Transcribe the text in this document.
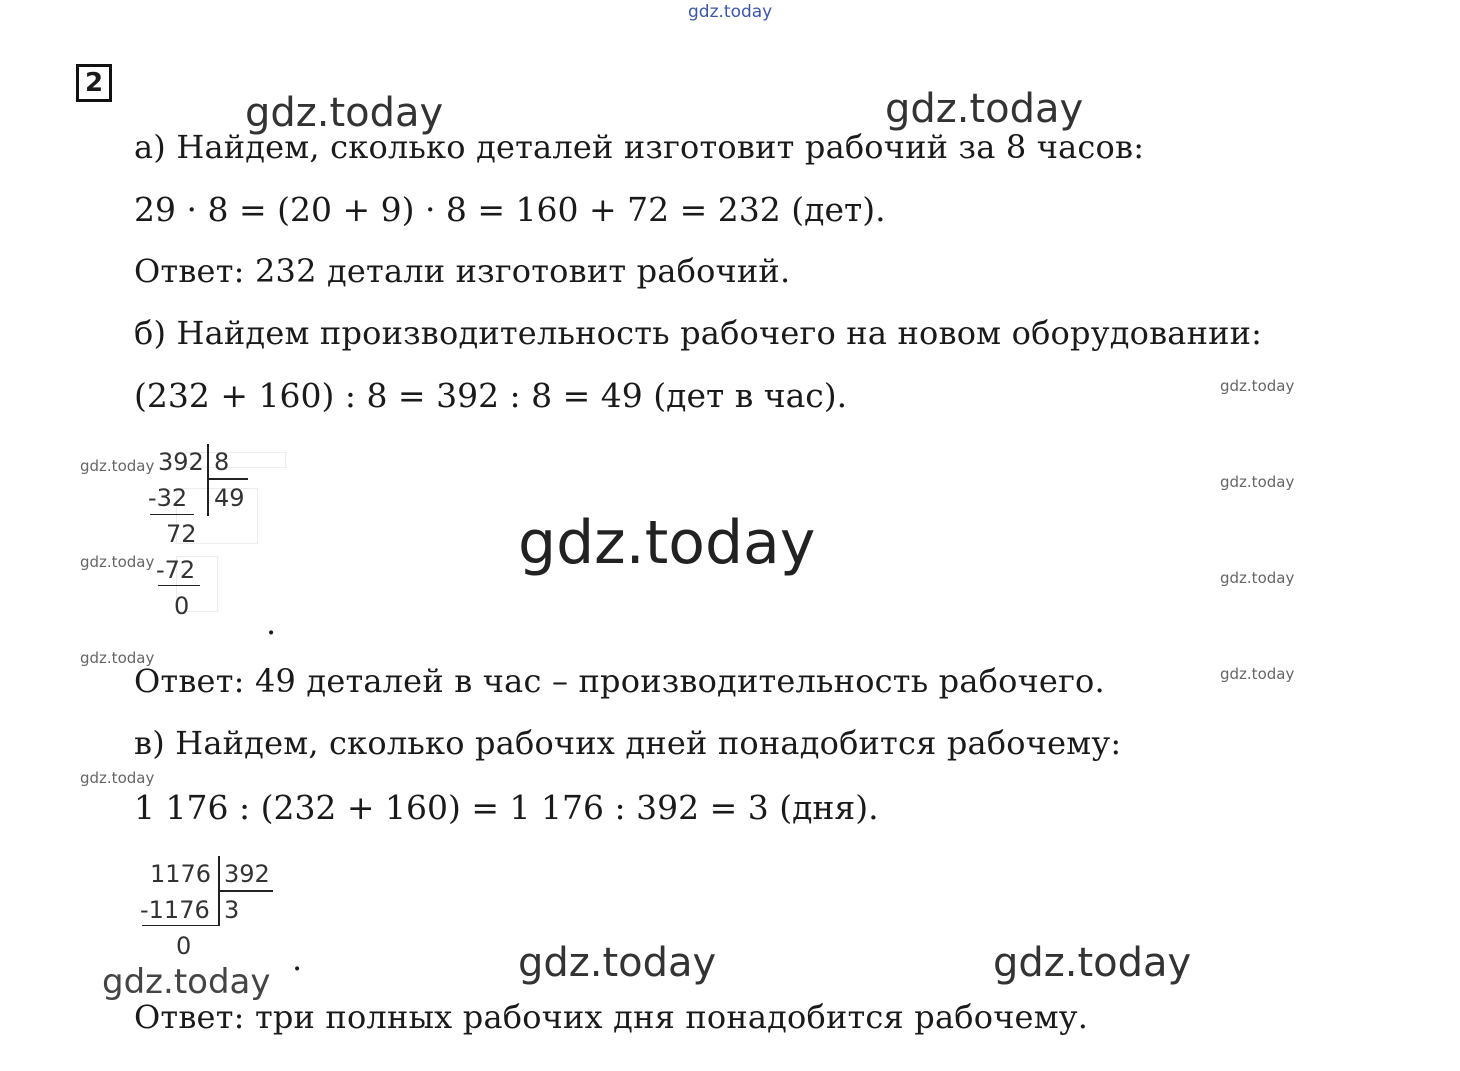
gdz.today
gdz.today	gdz.today
gdz.today
gdz.today
gdz.today
gdz.today
gdz.today
gdz.today
gdz.today
gdz.today
gdz.today
gdz.today	gdz.today
gdz.today
2
а) Найдем, сколько деталей изготовит рабочий за 8 часов:
29 · 8 = (20 + 9) · 8 = 160 + 72 = 232 (дет).
Ответ: 232 детали изготовит рабочий.
б) Найдем производительность рабочего на новом оборудовании:
(232 + 160) : 8 = 392 : 8 = 49 (дет в час).
392 8
49
-32
72
-72
0 .
Ответ: 49 деталей в час – производительность рабочего.
в) Найдем, сколько рабочих дней понадобится рабочему:
1 176 : (232 + 160) = 1 176 : 392 = 3 (дня).
1176 392
3
-1176
0	.
Ответ: три полных рабочих дня понадобится рабочему.
